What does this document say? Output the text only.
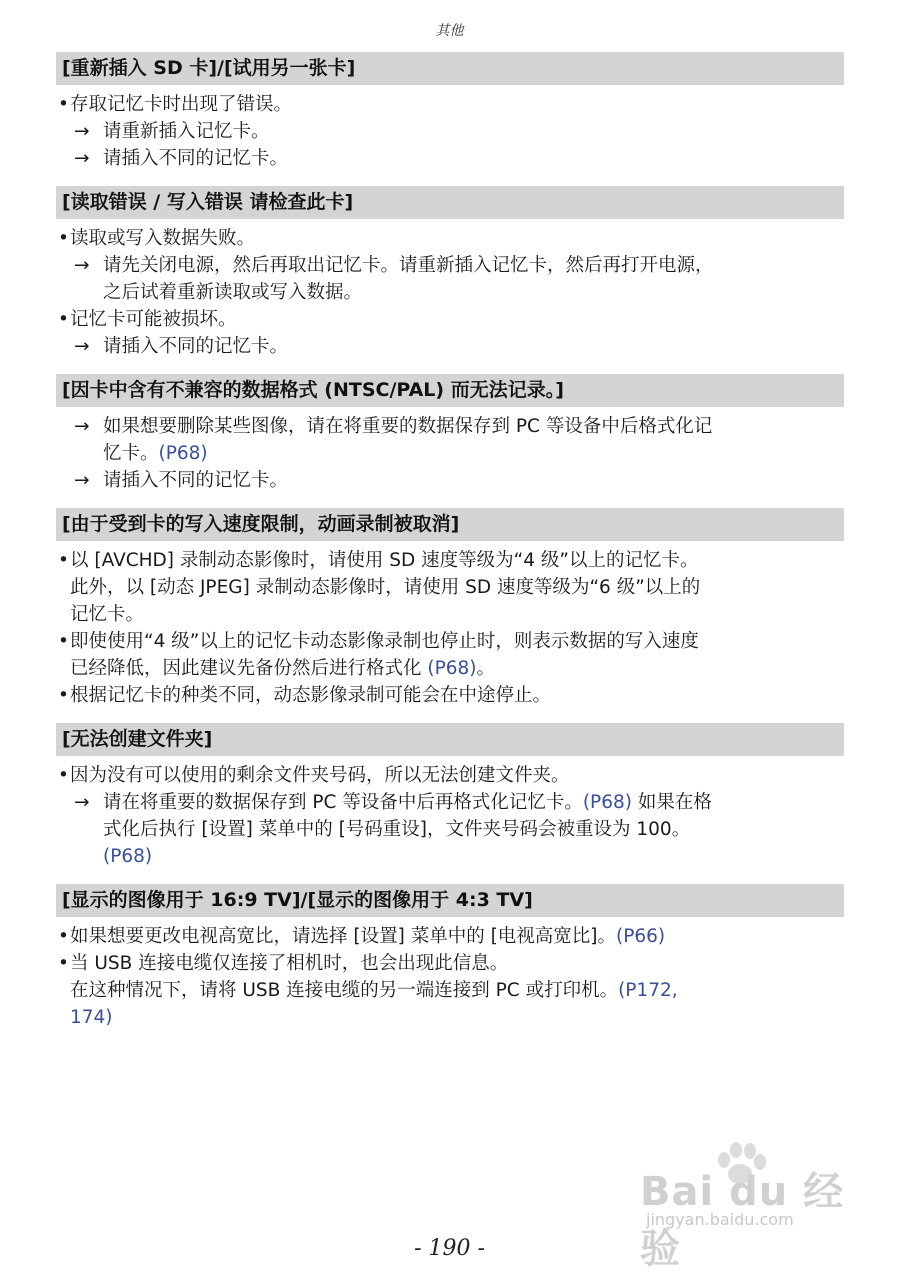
其他
[重新插入 SD 卡]/[试用另一张卡]
•存取记忆卡时出现了错误。
→ 请重新插入记忆卡。
→ 请插入不同的记忆卡。
[读取错误 / 写入错误 请检查此卡]
•读取或写入数据失败。
→ 请先关闭电源，然后再取出记忆卡。请重新插入记忆卡，然后再打开电源，
之后试着重新读取或写入数据。
•记忆卡可能被损坏。
→ 请插入不同的记忆卡。
[因卡中含有不兼容的数据格式 (NTSC/PAL) 而无法记录。]
→ 如果想要删除某些图像，请在将重要的数据保存到 PC 等设备中后格式化记
忆卡。(P68)
→ 请插入不同的记忆卡。
[由于受到卡的写入速度限制，动画录制被取消]
•以 [AVCHD] 录制动态影像时，请使用 SD 速度等级为“4 级”以上的记忆卡。
此外，以 [动态 JPEG] 录制动态影像时，请使用 SD 速度等级为“6 级”以上的
记忆卡。
•即使使用“4 级”以上的记忆卡动态影像录制也停止时，则表示数据的写入速度
已经降低，因此建议先备份然后进行格式化 (P68)。
•根据记忆卡的种类不同，动态影像录制可能会在中途停止。
[无法创建文件夹]
•因为没有可以使用的剩余文件夹号码，所以无法创建文件夹。
→ 请在将重要的数据保存到 PC 等设备中后再格式化记忆卡。(P68) 如果在格
式化后执行 [设置] 菜单中的 [号码重设]，文件夹号码会被重设为 100。
(P68)
[显示的图像用于 16:9 TV]/[显示的图像用于 4:3 TV]
•如果想要更改电视高宽比，请选择 [设置] 菜单中的 [电视高宽比]。(P66)
•当 USB 连接电缆仅连接了相机时，也会出现此信息。
在这种情况下，请将 USB 连接电缆的另一端连接到 PC 或打印机。(P172,
174)
- 190 -
Bai du 经验
jingyan.baidu.com
